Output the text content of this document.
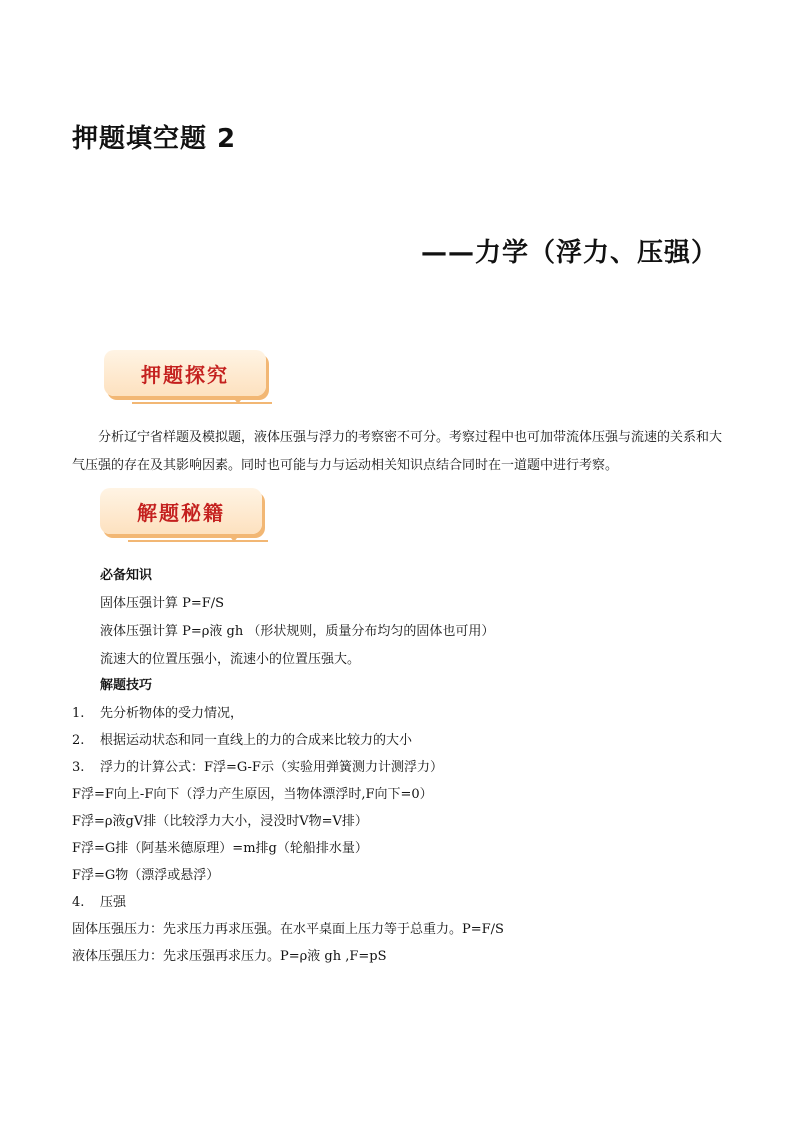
押题填空题 2
——力学（浮力、压强）
押题探究
分析辽宁省样题及模拟题，液体压强与浮力的考察密不可分。考察过程中也可加带流体压强与流速的关系和大气压强的存在及其影响因素。同时也可能与力与运动相关知识点结合同时在一道题中进行考察。
解题秘籍
必备知识
固体压强计算 P=F/S
液体压强计算 P=ρ液 gh （形状规则，质量分布均匀的固体也可用）
流速大的位置压强小，流速小的位置压强大。
解题技巧
1. 先分析物体的受力情况，
2. 根据运动状态和同一直线上的力的合成来比较力的大小
3. 浮力的计算公式：F浮=G-F示（实验用弹簧测力计测浮力）
F浮=F向上-F向下（浮力产生原因，当物体漂浮时,F向下=0）
F浮=ρ液gV排（比较浮力大小，浸没时V物=V排）
F浮=G排（阿基米德原理）=m排g（轮船排水量）
F浮=G物（漂浮或悬浮）
4. 压强
固体压强压力：先求压力再求压强。在水平桌面上压力等于总重力。P=F/S
液体压强压力：先求压强再求压力。P=ρ液 gh ,F=pS
